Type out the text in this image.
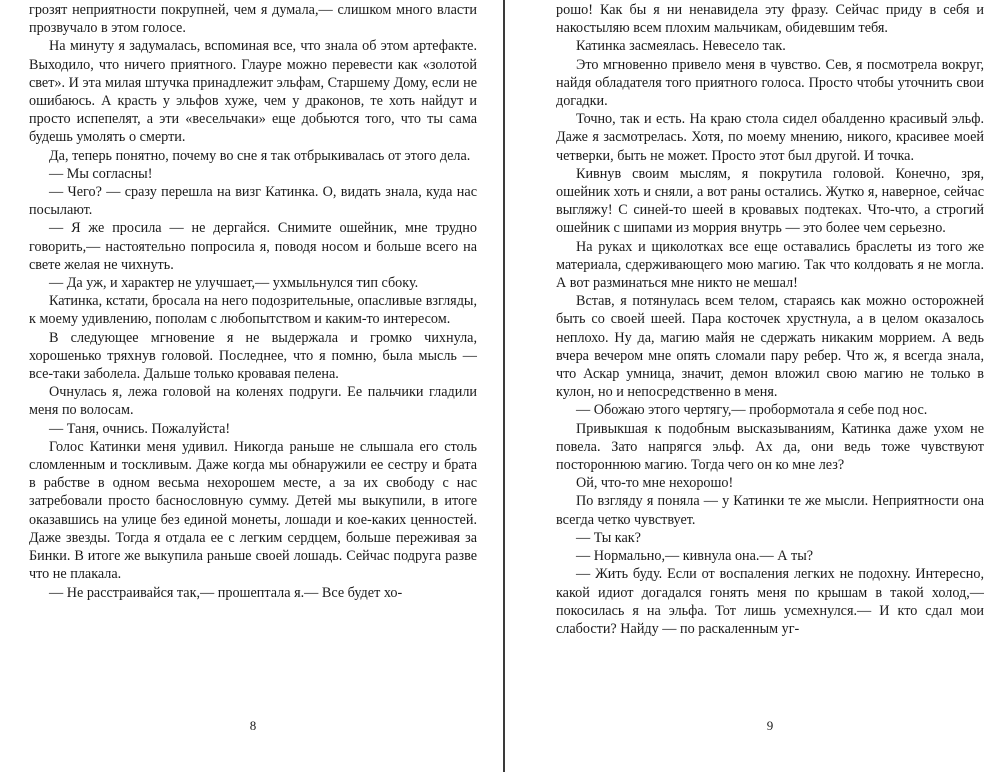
грозят неприятности покрупней, чем я думала,— слишком много власти прозвучало в этом голосе.

На минуту я задумалась, вспоминая все, что знала об этом артефакте. Выходило, что ничего приятного. Глауре можно перевести как «золотой свет». И эта милая штучка принадлежит эльфам, Старшему Дому, если не ошибаюсь. А красть у эльфов хуже, чем у драконов, те хоть найдут и просто испепелят, а эти «весельчаки» еще добьются того, что ты сама будешь умолять о смерти.

Да, теперь понятно, почему во сне я так отбрыкивалась от этого дела.

— Мы согласны!

— Чего? — сразу перешла на визг Катинка. О, видать знала, куда нас посылают.

— Я же просила — не дергайся. Снимите ошейник, мне трудно говорить,— настоятельно попросила я, поводя носом и больше всего на свете желая не чихнуть.

— Да уж, и характер не улучшает,— ухмыльнулся тип сбоку.

Катинка, кстати, бросала на него подозрительные, опасливые взгляды, к моему удивлению, пополам с любопытством и каким-то интересом.

В следующее мгновение я не выдержала и громко чихнула, хорошенько тряхнув головой. Последнее, что я помню, была мысль — все-таки заболела. Дальше только кровавая пелена.

Очнулась я, лежа головой на коленях подруги. Ее пальчики гладили меня по волосам.

— Таня, очнись. Пожалуйста!

Голос Катинки меня удивил. Никогда раньше не слышала его столь сломленным и тоскливым. Даже когда мы обнаружили ее сестру и брата в рабстве в одном весьма нехорошем месте, а за их свободу с нас затребовали просто баснословную сумму. Детей мы выкупили, в итоге оказавшись на улице без единой монеты, лошади и кое-каких ценностей. Даже звезды. Тогда я отдала ее с легким сердцем, больше переживая за Бинки. В итоге же выкупила раньше своей лошадь. Сейчас подруга разве что не плакала.

— Не расстраивайся так,— прошептала я.— Все будет хо-

8

рошо! Как бы я ни ненавидела эту фразу. Сейчас приду в себя и накостыляю всем плохим мальчикам, обидевшим тебя.

Катинка засмеялась. Невесело так.

Это мгновенно привело меня в чувство. Сев, я посмотрела вокруг, найдя обладателя того приятного голоса. Просто чтобы уточнить свои догадки.

Точно, так и есть. На краю стола сидел обалденно красивый эльф. Даже я засмотрелась. Хотя, по моему мнению, никого, красивее моей четверки, быть не может. Просто этот был другой. И точка.

Кивнув своим мыслям, я покрутила головой. Конечно, зря, ошейник хоть и сняли, а вот раны остались. Жутко я, наверное, сейчас выгляжу! С синей-то шеей в кровавых подтеках. Что-что, а строгий ошейник с шипами из моррия внутрь — это более чем серьезно.

На руках и щиколотках все еще оставались браслеты из того же материала, сдерживающего мою магию. Так что колдовать я не могла. А вот разминаться мне никто не мешал!

Встав, я потянулась всем телом, стараясь как можно осторожней быть со своей шеей. Пара косточек хрустнула, а в целом оказалось неплохо. Ну да, магию майя не сдержать никаким моррием. А ведь вчера вечером мне опять сломали пару ребер. Что ж, я всегда знала, что Аскар умница, значит, демон вложил свою магию не только в кулон, но и непосредственно в меня.

— Обожаю этого чертягу,— пробормотала я себе под нос.

Привыкшая к подобным высказываниям, Катинка даже ухом не повела. Зато напрягся эльф. Ах да, они ведь тоже чувствуют постороннюю магию. Тогда чего он ко мне лез?

Ой, что-то мне нехорошо!

По взгляду я поняла — у Катинки те же мысли. Неприятности она всегда четко чувствует.

— Ты как?

— Нормально,— кивнула она.— А ты?

— Жить буду. Если от воспаления легких не подохну. Интересно, какой идиот догадался гонять меня по крышам в такой холод,— покосилась я на эльфа. Тот лишь усмехнулся.— И кто сдал мои слабости? Найду — по раскаленным уг-

9
